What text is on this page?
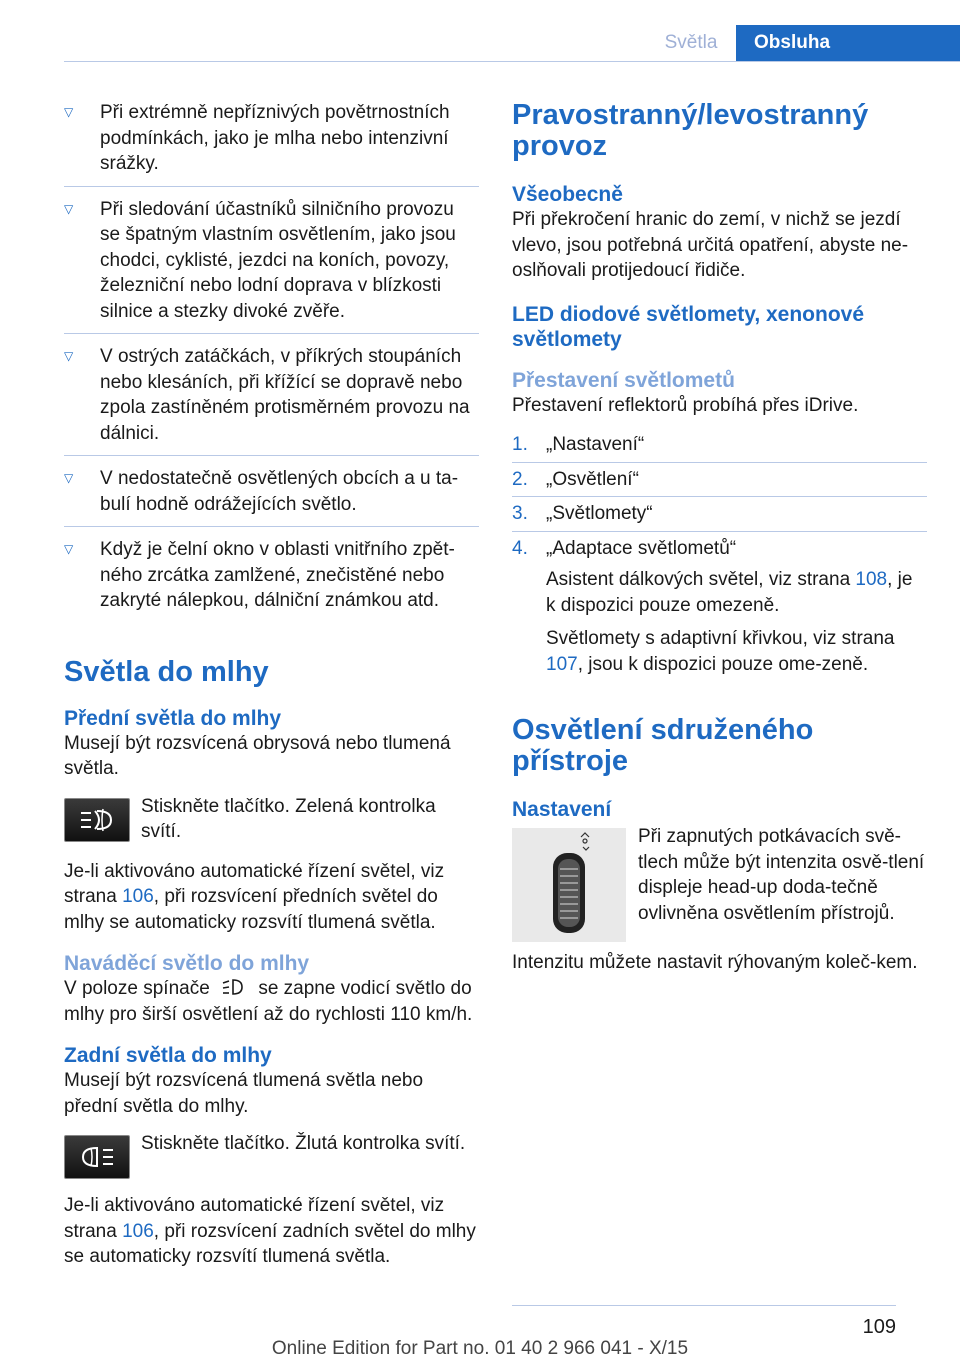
Světla	Obsluha
▽	Při extrémně nepříznivých povětrnostních podmínkách, jako je mlha nebo intenzivní srážky.
▽	Při sledování účastníků silničního provozu se špatným vlastním osvětlením, jako jsou chodci, cyklisté, jezdci na koních, povozy, železniční nebo lodní doprava v blízkosti silnice a stezky divoké zvěře.
▽	V ostrých zatáčkách, v příkrých stoupáních nebo klesáních, při křížící se dopravě nebo zpola zastíněném protisměrném provozu na dálnici.
▽	V nedostatečně osvětlených obcích a u ta-bulí hodně odrážejících světlo.
▽	Když je čelní okno v oblasti vnitřního zpět-ného zrcátka zamlžené, znečistěné nebo zakryté nálepkou, dálniční známkou atd.
Světla do mlhy
Přední světla do mlhy

Musejí být rozsvícená obrysová nebo tlumená světla.

Stiskněte tlačítko. Zelená kontrolka svítí.

Je-li aktivováno automatické řízení světel, viz strana 106, při rozsvícení předních světel do mlhy se automaticky rozsvítí tlumená světla.

Naváděcí světlo do mlhy

V poloze spínače  se zapne vodicí světlo do mlhy pro širší osvětlení až do rychlosti 110 km/h.

Zadní světla do mlhy

Musejí být rozsvícená tlumená světla nebo přední světla do mlhy.

Stiskněte tlačítko. Žlutá kontrolka svítí.

Je-li aktivováno automatické řízení světel, viz strana 106, při rozsvícení zadních světel do mlhy se automaticky rozsvítí tlumená světla.

Pravostranný/levostranný provoz
Všeobecně

Při překročení hranic do zemí, v nichž se jezdí vlevo, jsou potřebná určitá opatření, abyste ne-oslňovali protijedoucí řidiče.

LED diodové světlomety, xenonové světlomety
Přestavení světlometů

Přestavení reflektorů probíhá přes iDrive.

1. „Nastavení“
2. „Osvětlení“
3. „Světlomety“
4. „Adaptace světlometů“

Asistent dálkových světel, viz strana 108, je k dispozici pouze omezeně.

Světlomety s adaptivní křivkou, viz strana 107, jsou k dispozici pouze ome-zeně.

Osvětlení sdruženého přístroje
Nastavení
Při zapnutých potkávacích svě-tlech může být intenzita osvě-tlení displeje head-up doda-tečně ovlivněna osvětlením přístrojů.

Intenzitu můžete nastavit rýhovaným koleč-kem.

109
Online Edition for Part no. 01 40 2 966 041 - X/15
